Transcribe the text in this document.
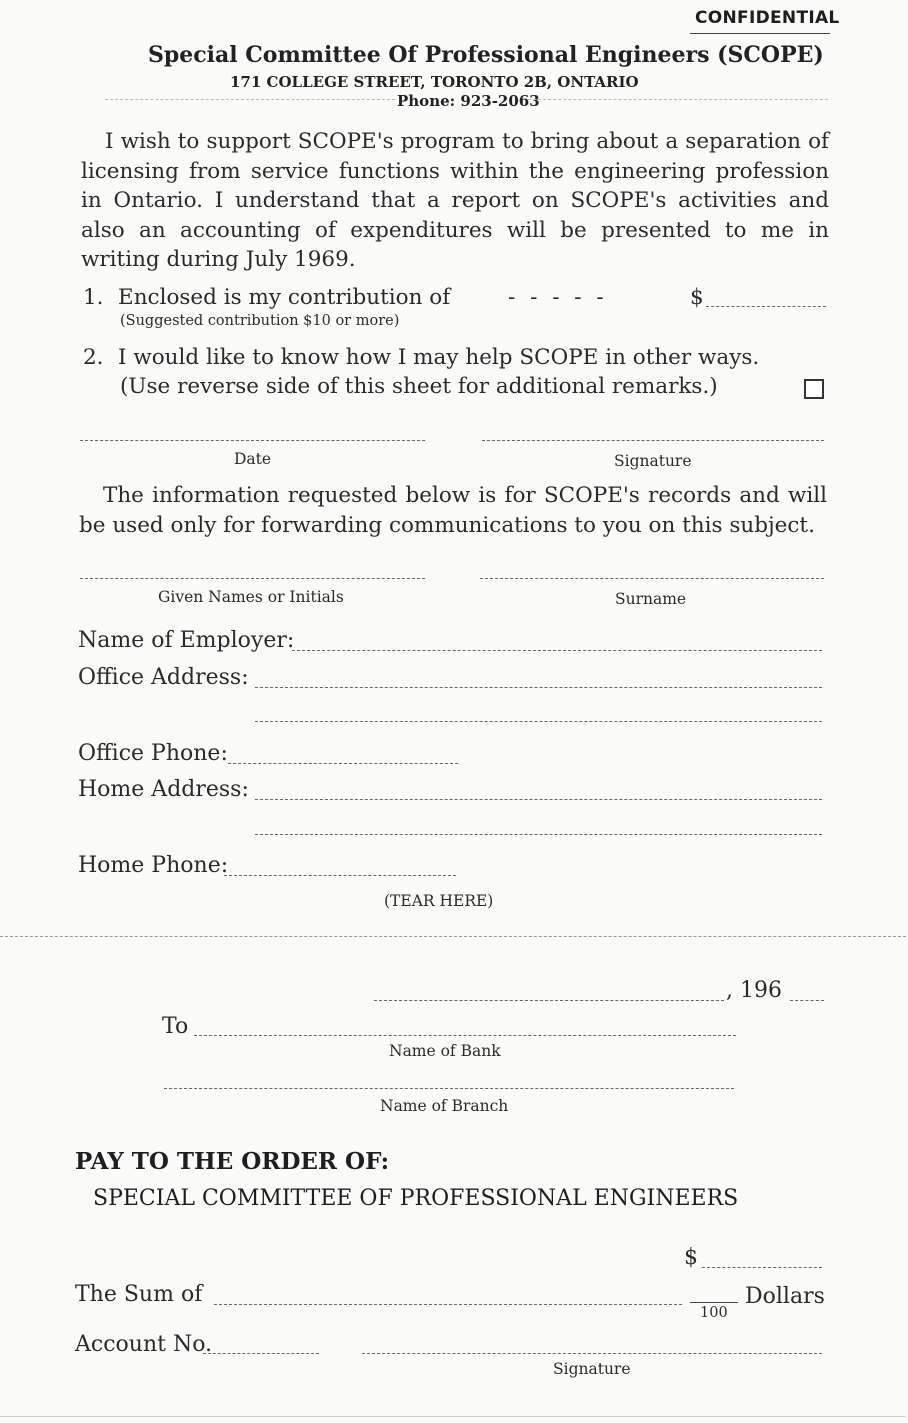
CONFIDENTIAL
Special Committee Of Professional Engineers (SCOPE)
171 COLLEGE STREET, TORONTO 2B, ONTARIO
Phone: 923-2063
I wish to support SCOPE's program to bring about a separation of licensing from service functions within the engineering profession in Ontario. I understand that a report on SCOPE's activities and also an accounting of expenditures will be presented to me in writing during July 1969.
1. Enclosed is my contribution of	- - - - -	$
(Suggested contribution $10 or more)
2. I would like to know how I may help SCOPE in other ways.
(Use reverse side of this sheet for additional remarks.)
Date	Signature
The information requested below is for SCOPE's records and will be used only for forwarding communications to you on this subject.
Given Names or Initials	Surname
Name of Employer:
Office Address:
Office Phone:
Home Address:
Home Phone:
(TEAR HERE)
, 196
To
Name of Bank
Name of Branch
PAY TO THE ORDER OF:
SPECIAL COMMITTEE OF PROFESSIONAL ENGINEERS
$
The Sum of
100
Dollars
Account No.
Signature
